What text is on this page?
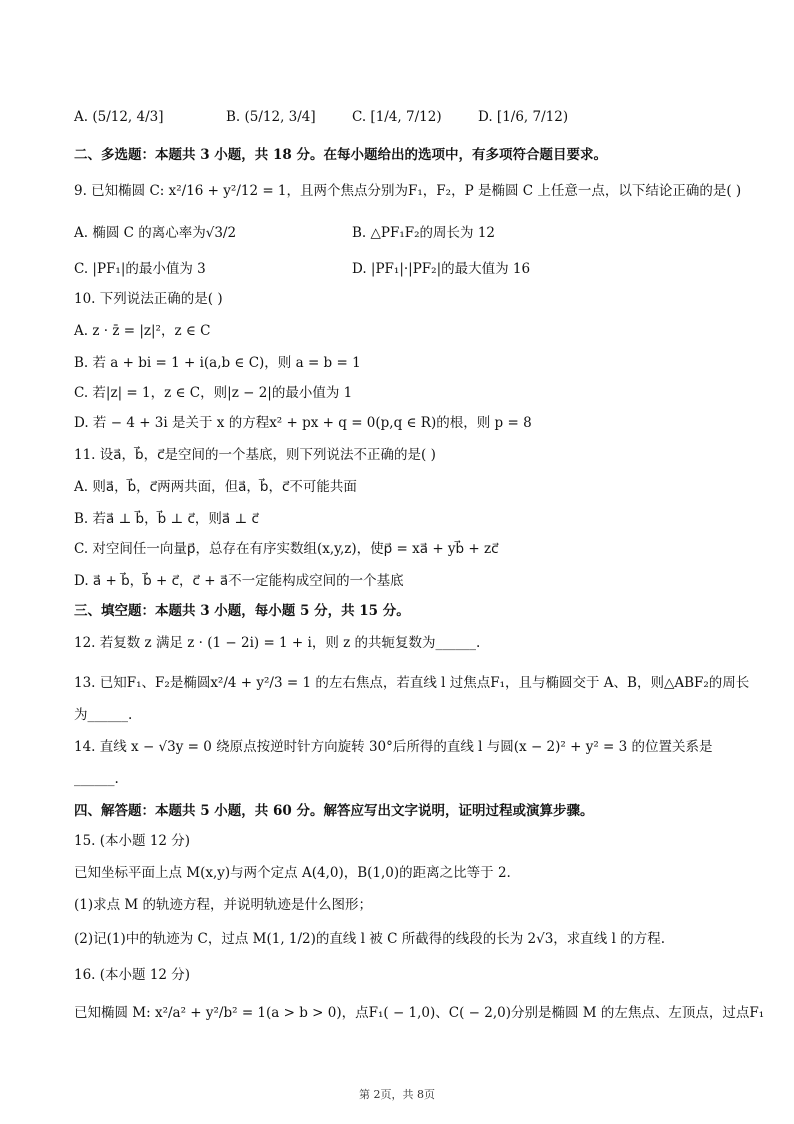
A. (5/12, 4/3]	B. (5/12, 3/4]	C. [1/4, 7/12)	D. [1/6, 7/12)
二、多选题：本题共 3 小题，共 18 分。在每小题给出的选项中，有多项符合题目要求。
9. 已知椭圆 C: x²/16 + y²/12 = 1，且两个焦点分别为F₁，F₂，P 是椭圆 C 上任意一点，以下结论正确的是( )
A. 椭圆 C 的离心率为√3/2	B. △PF₁F₂的周长为 12
C. |PF₁|的最小值为 3	D. |PF₁|·|PF₂|的最大值为 16
10. 下列说法正确的是( )
A. z · z̄ = |z|²，z ∈ C
B. 若 a + bi = 1 + i(a,b ∈ C)，则 a = b = 1
C. 若|z| = 1，z ∈ C，则|z − 2|的最小值为 1
D. 若 − 4 + 3i 是关于 x 的方程x² + px + q = 0(p,q ∈ R)的根，则 p = 8
11. 设a⃗，b⃗，c⃗是空间的一个基底，则下列说法不正确的是( )
A. 则a⃗，b⃗，c⃗两两共面，但a⃗，b⃗，c⃗不可能共面
B. 若a⃗ ⊥ b⃗，b⃗ ⊥ c⃗，则a⃗ ⊥ c⃗
C. 对空间任一向量p⃗，总存在有序实数组(x,y,z)，使p⃗ = xa⃗ + yb⃗ + zc⃗
D. a⃗ + b⃗，b⃗ + c⃗，c⃗ + a⃗不一定能构成空间的一个基底
三、填空题：本题共 3 小题，每小题 5 分，共 15 分。
12. 若复数 z 满足 z · (1 − 2i) = 1 + i，则 z 的共轭复数为______.
13. 已知F₁、F₂是椭圆x²/4 + y²/3 = 1 的左右焦点，若直线 l 过焦点F₁，且与椭圆交于 A、B，则△ABF₂的周长
为______.
14. 直线 x − √3y = 0 绕原点按逆时针方向旋转 30°后所得的直线 l 与圆(x − 2)² + y² = 3 的位置关系是
______.
四、解答题：本题共 5 小题，共 60 分。解答应写出文字说明，证明过程或演算步骤。
15. (本小题 12 分)
已知坐标平面上点 M(x,y)与两个定点 A(4,0)，B(1,0)的距离之比等于 2.
(1)求点 M 的轨迹方程，并说明轨迹是什么图形；
(2)记(1)中的轨迹为 C，过点 M(1, 1/2)的直线 l 被 C 所截得的线段的长为 2√3，求直线 l 的方程.
16. (本小题 12 分)
已知椭圆 M: x²/a² + y²/b² = 1(a > b > 0)，点F₁( − 1,0)、C( − 2,0)分别是椭圆 M 的左焦点、左顶点，过点F₁
第 2页，共 8页
